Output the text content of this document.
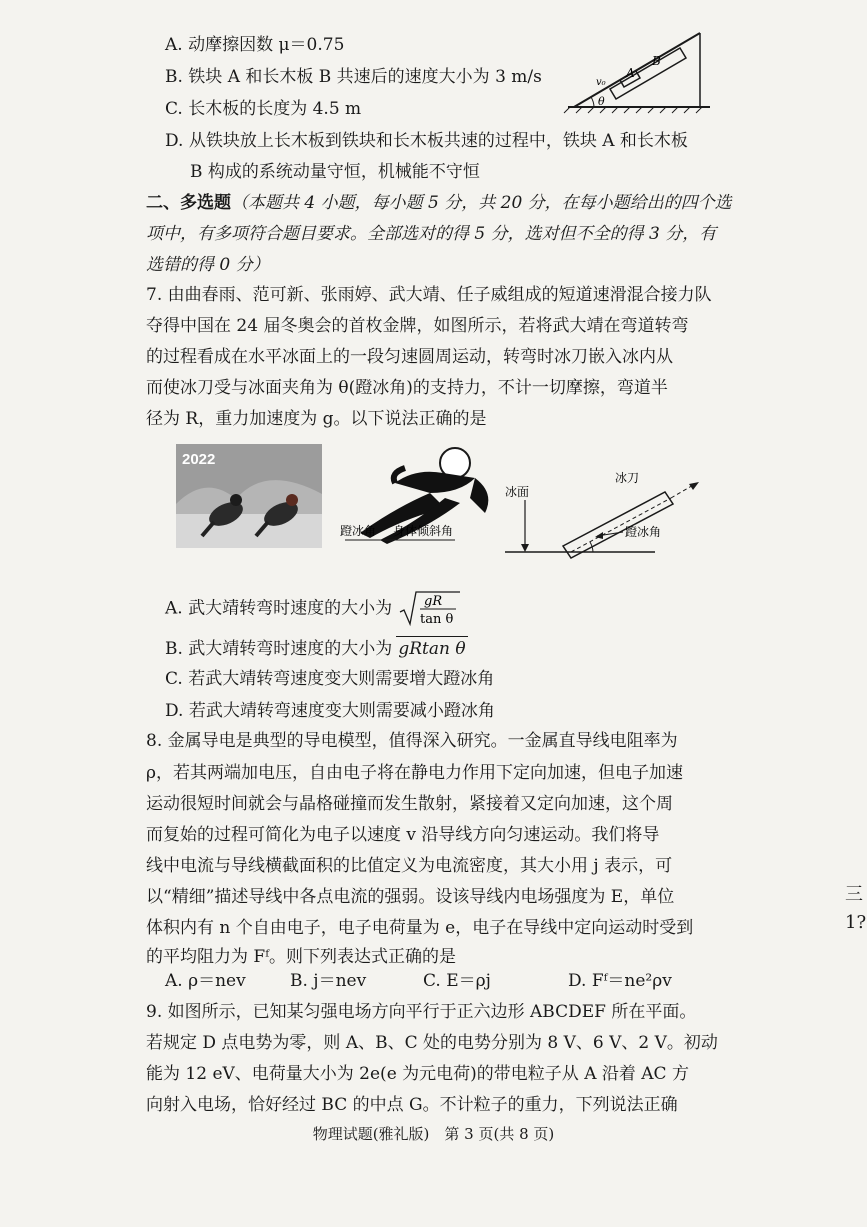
A. 动摩擦因数 μ＝0.75
B. 铁块 A 和长木板 B 共速后的速度大小为 3 m/s
C. 长木板的长度为 4.5 m
D. 从铁块放上长木板到铁块和长木板共速的过程中，铁块 A 和长木板
B 构成的系统动量守恒，机械能不守恒
A
B
v₀
θ
二、多选题（本题共 4 小题，每小题 5 分，共 20 分，在每小题给出的四个选
项中，有多项符合题目要求。全部选对的得 5 分，选对但不全的得 3 分，有
选错的得 0 分）
7. 由曲春雨、范可新、张雨婷、武大靖、任子威组成的短道速滑混合接力队
夺得中国在 24 届冬奥会的首枚金牌，如图所示，若将武大靖在弯道转弯
的过程看成在水平冰面上的一段匀速圆周运动，转弯时冰刀嵌入冰内从
而使冰刀受与冰面夹角为 θ(蹬冰角)的支持力，不计一切摩擦，弯道半
径为 R，重力加速度为 g。以下说法正确的是
2022
蹬冰角 身体倾斜角
冰面
冰刀
蹬冰角
A. 武大靖转弯时速度的大小为 gR
tan θ
B. 武大靖转弯时速度的大小为 gRtan θ
C. 若武大靖转弯速度变大则需要增大蹬冰角
D. 若武大靖转弯速度变大则需要减小蹬冰角
8. 金属导电是典型的导电模型，值得深入研究。一金属直导线电阻率为
ρ，若其两端加电压，自由电子将在静电力作用下定向加速，但电子加速
运动很短时间就会与晶格碰撞而发生散射，紧接着又定向加速，这个周
而复始的过程可简化为电子以速度 v 沿导线方向匀速运动。我们将导
线中电流与导线横截面积的比值定义为电流密度，其大小用 j 表示，可
以“精细”描述导线中各点电流的强弱。设该导线内电场强度为 E，单位
体积内有 n 个自由电子，电子电荷量为 e，电子在导线中定向运动时受到
的平均阻力为 Fᶠ。则下列表达式正确的是
A. ρ＝nev	B. j＝nev	C. E＝ρj	D. Fᶠ＝ne²ρv
9. 如图所示，已知某匀强电场方向平行于正六边形 ABCDEF 所在平面。
若规定 D 点电势为零，则 A、B、C 处的电势分别为 8 V、6 V、2 V。初动
能为 12 eV、电荷量大小为 2e(e 为元电荷)的带电粒子从 A 沿着 AC 方
向射入电场，恰好经过 BC 的中点 G。不计粒子的重力，下列说法正确
物理试题(雅礼版)　第 3 页(共 8 页)
三
1?
